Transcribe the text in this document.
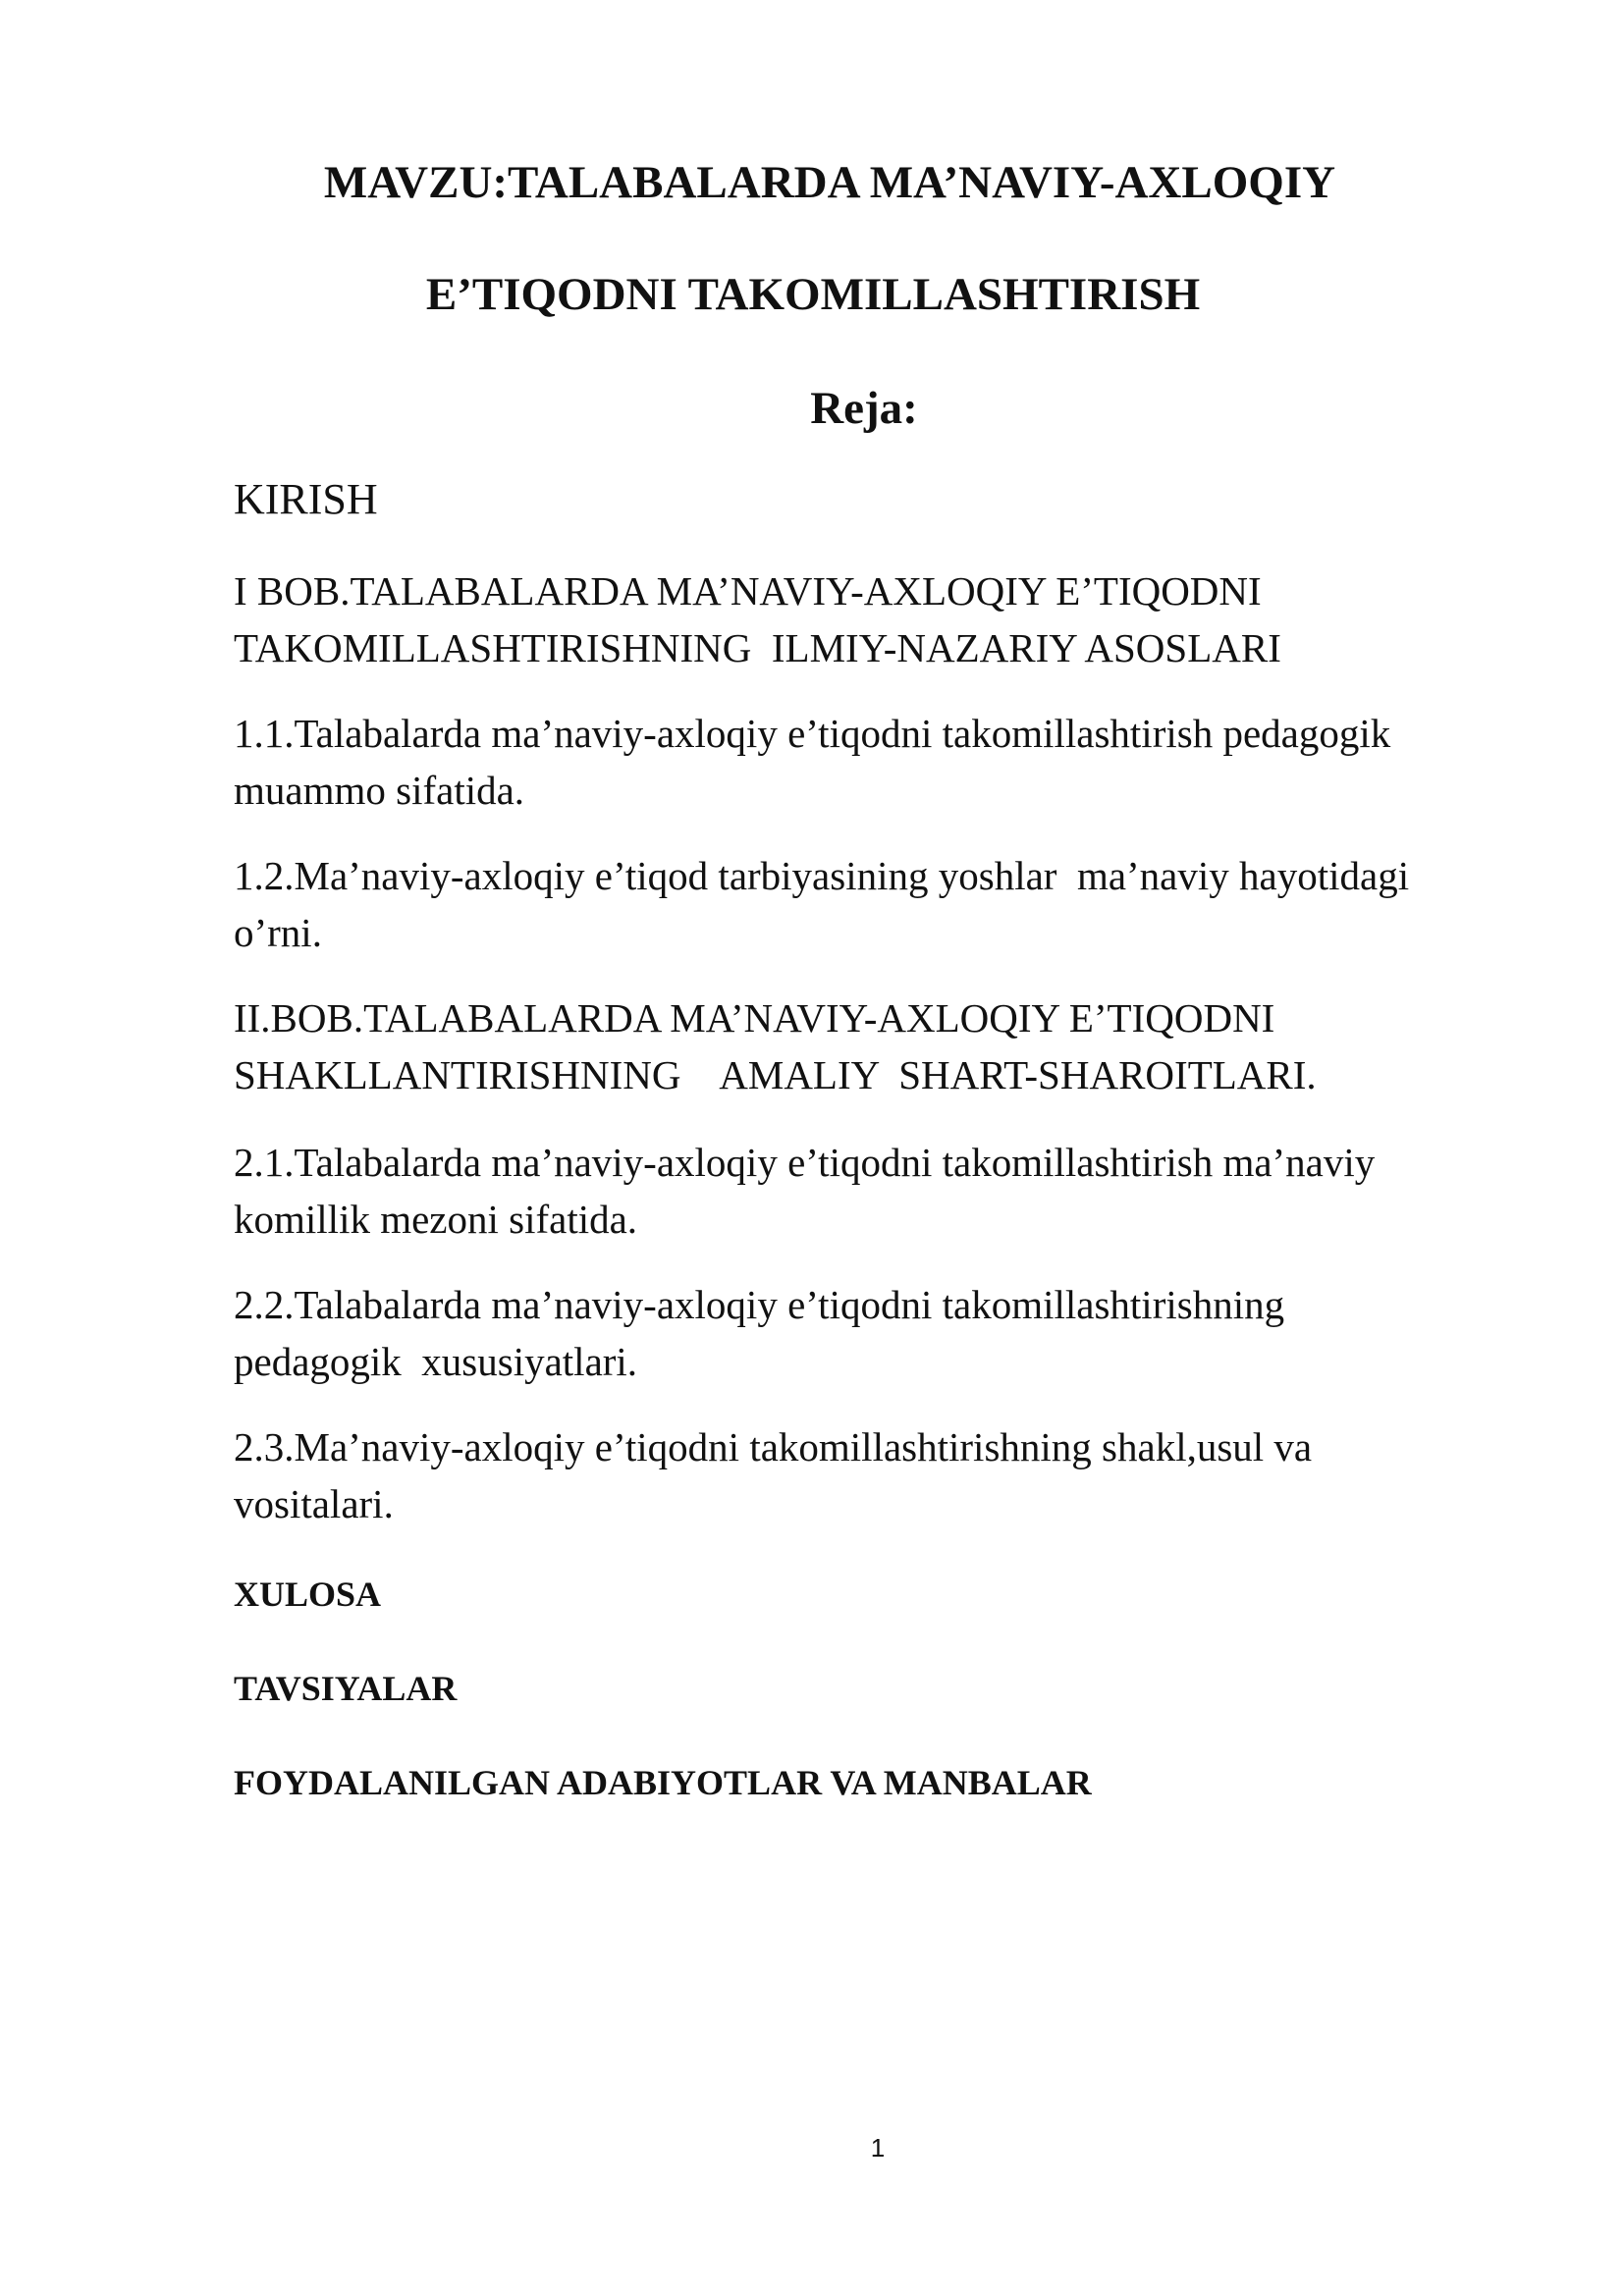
MAVZU:TALABALARDA MA’NAVIY-AXLOQIY
E’TIQODNI TAKOMILLASHTIRISH
Reja:
KIRISH
I BOB.TALABALARDA MA’NAVIY-AXLOQIY E’TIQODNI
TAKOMILLASHTIRISHNING  ILMIY-NAZARIY ASOSLARI
1.1.Talabalarda ma’naviy-axloqiy e’tiqodni takomillashtirish pedagogik
muammo sifatida.
1.2.Ma’naviy-axloqiy e’tiqod tarbiyasining yoshlar  ma’naviy hayotidagi
o’rni.
II.BOB.TALABALARDA MA’NAVIY-AXLOQIY E’TIQODNI
SHAKLLANTIRISHNING    AMALIY  SHART-SHAROITLARI.
2.1.Talabalarda ma’naviy-axloqiy e’tiqodni takomillashtirish ma’naviy
komillik mezoni sifatida.
2.2.Talabalarda ma’naviy-axloqiy e’tiqodni takomillashtirishning
pedagogik  xususiyatlari.
2.3.Ma’naviy-axloqiy e’tiqodni takomillashtirishning shakl,usul va
vositalari.
XULOSA
TAVSIYALAR
FOYDALANILGAN ADABIYOTLAR VA MANBALAR
1
